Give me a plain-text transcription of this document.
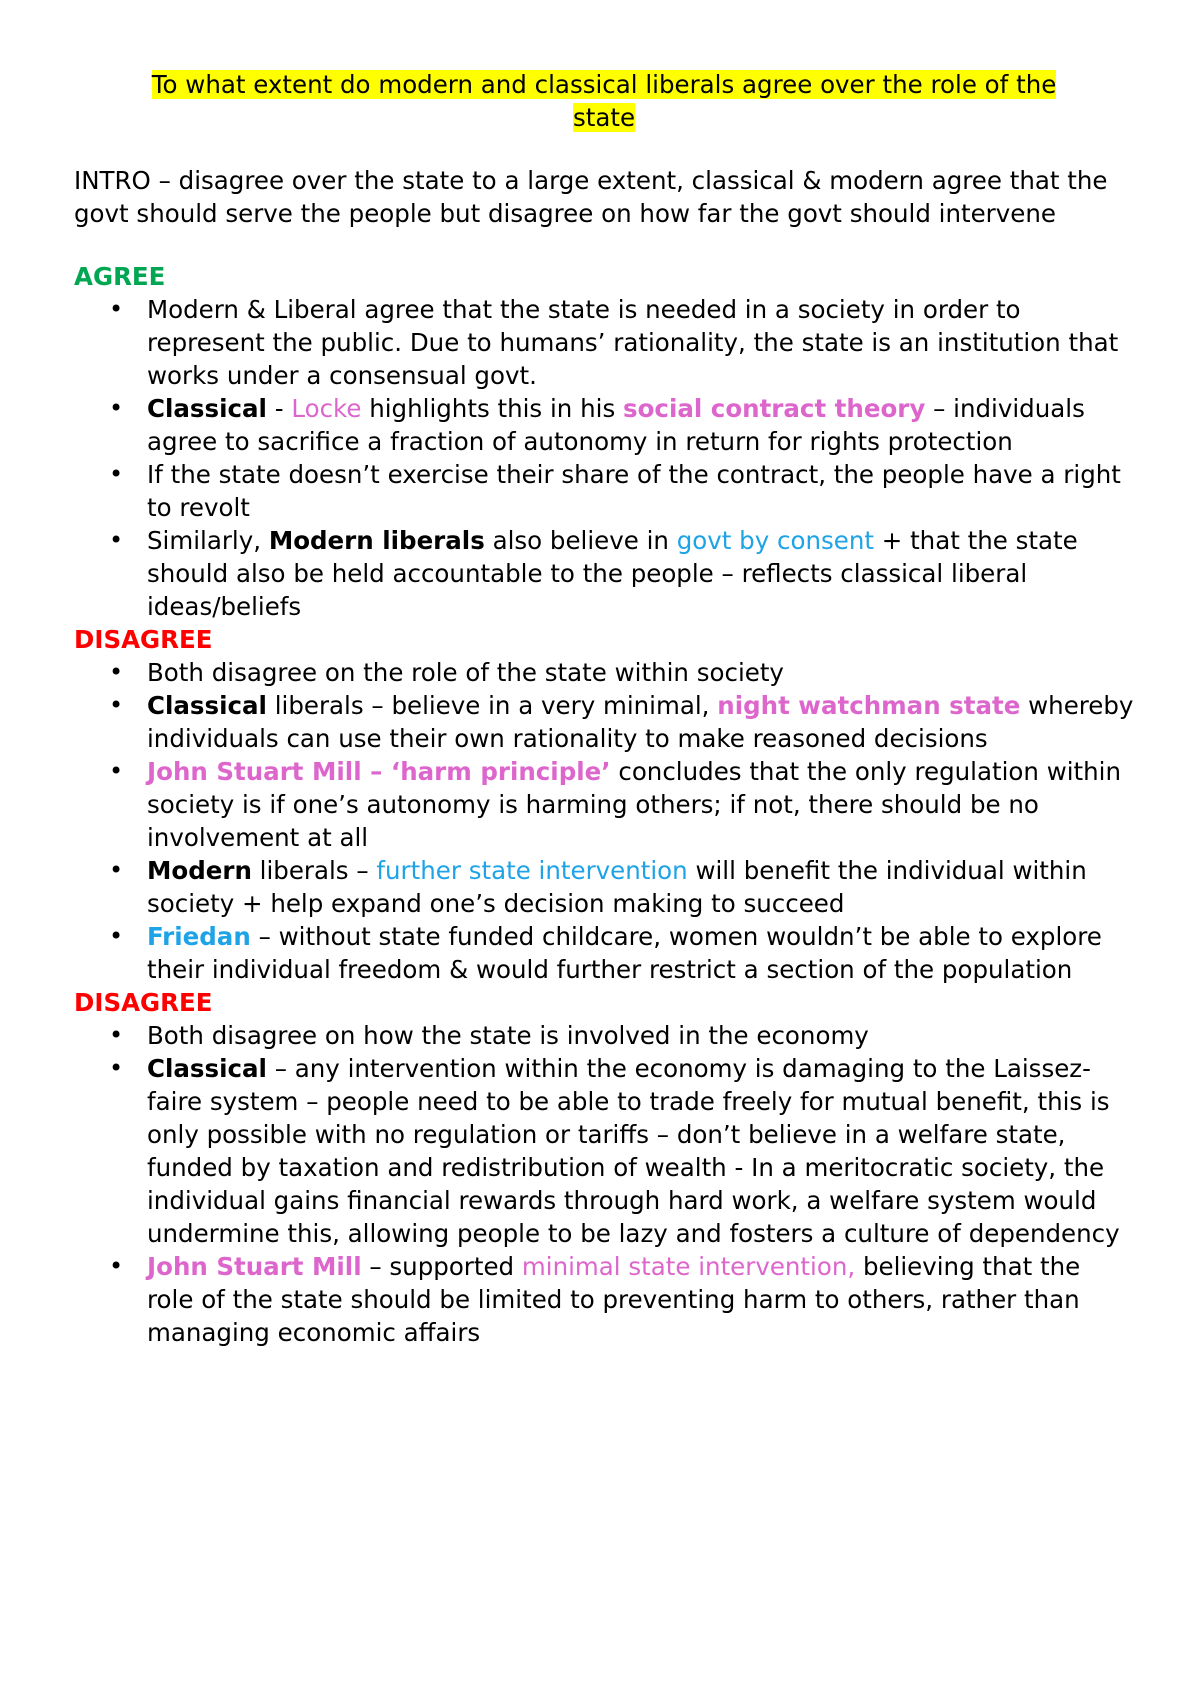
To what extent do modern and classical liberals agree over the role of the
state

INTRO – disagree over the state to a large extent, classical & modern agree that the govt should serve the people but disagree on how far the govt should intervene

AGREE

• Modern & Liberal agree that the state is needed in a society in order to represent the public. Due to humans’ rationality, the state is an institution that works under a consensual govt.
• Classical - Locke highlights this in his social contract theory – individuals agree to sacrifice a fraction of autonomy in return for rights protection
• If the state doesn’t exercise their share of the contract, the people have a right to revolt
• Similarly, Modern liberals also believe in govt by consent + that the state should also be held accountable to the people – reflects classical liberal ideas/beliefs

DISAGREE

• Both disagree on the role of the state within society
• Classical liberals – believe in a very minimal, night watchman state whereby individuals can use their own rationality to make reasoned decisions
• John Stuart Mill – ‘harm principle’ concludes that the only regulation within society is if one’s autonomy is harming others; if not, there should be no involvement at all
• Modern liberals – further state intervention will benefit the individual within society + help expand one’s decision making to succeed
• Friedan – without state funded childcare, women wouldn’t be able to explore their individual freedom & would further restrict a section of the population

DISAGREE

• Both disagree on how the state is involved in the economy
• Classical – any intervention within the economy is damaging to the Laissez-faire system – people need to be able to trade freely for mutual benefit, this is only possible with no regulation or tariffs – don’t believe in a welfare state, funded by taxation and redistribution of wealth - In a meritocratic society, the individual gains financial rewards through hard work, a welfare system would undermine this, allowing people to be lazy and fosters a culture of dependency
• John Stuart Mill – supported minimal state intervention, believing that the role of the state should be limited to preventing harm to others, rather than managing economic affairs
